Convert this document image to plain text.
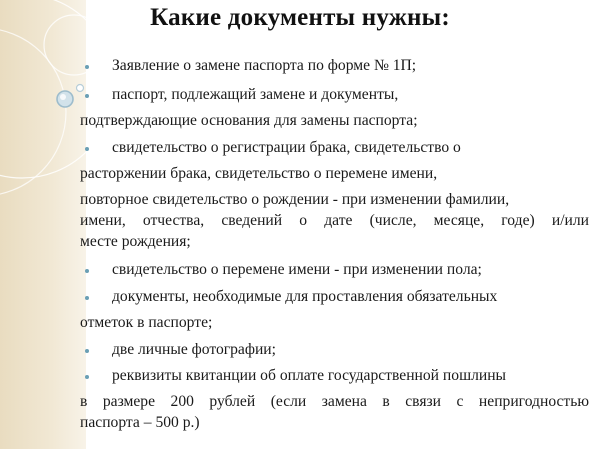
Какие документы нужны:
Заявление о замене паспорта по форме № 1П;
паспорт, подлежащий замене и документы,
подтверждающие основания для замены паспорта;
свидетельство о регистрации брака, свидетельство о
расторжении брака, свидетельство о перемене имени,
повторное свидетельство о рождении - при изменении фамилии,
имени, отчества, сведений о дате (числе, месяце, годе) и/или
месте рождения;
свидетельство о перемене имени - при изменении пола;
документы, необходимые для проставления обязательных
отметок в паспорте;
две личные фотографии;
реквизиты квитанции об оплате государственной пошлины
в размере 200 рублей (если замена в связи с непригодностью
паспорта – 500 р.)
